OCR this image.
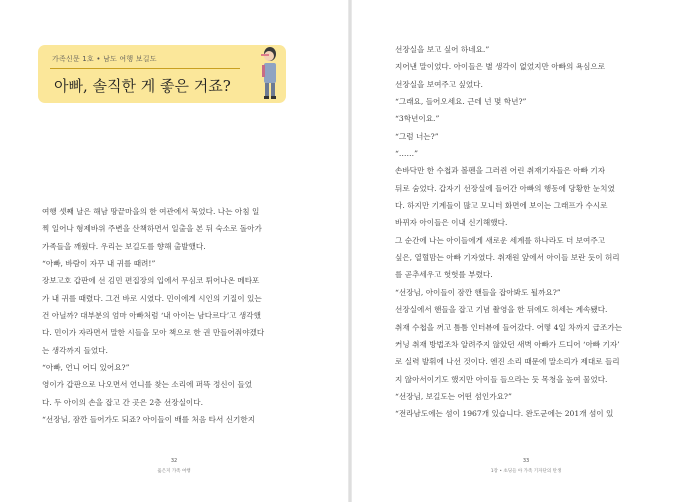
가족신문 1호 • 남도 여행 보길도
아빠, 솔직한 게 좋은 거죠?

여행 셋째 날은 해남 땅끝마을의 한 여관에서 묵었다. 나는 아침 일

찍 일어나 형제바위 주변을 산책하면서 일출을 본 뒤 숙소로 돌아가

가족들을 깨웠다. 우리는 보길도를 향해 출발했다.

“아빠, 바람이 자꾸 내 귀를 때려!”

장보고호 갑판에 선 김민 편집장의 입에서 무심코 튀어나온 메타포

가 내 귀를 때렸다. 그건 바로 시였다. 민이에게 시인의 기질이 있는

건 아닐까? 대부분의 엄마 아빠처럼 ‘내 아이는 남다르다’고 생각했

다. 민이가 자라면서 말한 시들을 모아 책으로 한 권 만들어줘야겠다

는 생각까지 들었다.

“아빠, 언니 어디 있어요?”

영이가 갑판으로 나오면서 언니를 찾는 소리에 퍼뜩 정신이 들었

다. 두 아이의 손을 잡고 간 곳은 2층 선장실이다.

“선장님, 잠깐 들어가도 되죠? 아이들이 배를 처음 타서 신기한지

32
옳은지 가족 여행

선장실을 보고 싶어 하네요.”

지어낸 말이었다. 아이들은 별 생각이 없었지만 아빠의 욕심으로

선장실을 보여주고 싶었다.

“그래요, 들어오세요. 근데 넌 몇 학년?”

“3학년이요.”

“그럼 너는?”

“……”

손바닥만 한 수첩과 볼펜을 그러쥔 어린 취재기자들은 아빠 기자

뒤로 숨었다. 갑자기 선장실에 들어간 아빠의 행동에 당황한 눈치였

다. 하지만 기계들이 많고 모니터 화면에 보이는 그래프가 수시로

바뀌자 아이들은 이내 신기해했다.

그 순간에 나는 아이들에게 새로운 세계를 하나라도 더 보여주고

싶은, 열혈맘는 아빠 기자였다. 취재원 앞에서 아이들 보란 듯이 허리

를 곧추세우고 헛헛를 부렸다.

“선장님, 아이들이 잠깐 핸들을 잡아봐도 될까요?”

선장실에서 핸들을 잡고 기념 촬영을 한 뒤에도 허세는 계속됐다.

취재 수첩을 꺼고 틈틈 인터뷰에 들어갔다. 어떻 4일 차까지 급조가는

커닝 취재 방법조차 알려주지 않았던 새벽 아빠가 드디어 ‘아빠 기자’

로 실력 발휘에 나선 것이다. 엔진 소리 때문에 말소리가 제대로 들리

지 않아서이기도 했지만 아이들 들으라는 듯 목청을 높여 물었다.

“선장님, 보길도는 어떤 섬인가요?”

“전라남도에는 섬이 1967개 있습니다. 완도군에는 201개 섬이 있

33
1장 • 초딩들 아 가족 기자단의 탄생
